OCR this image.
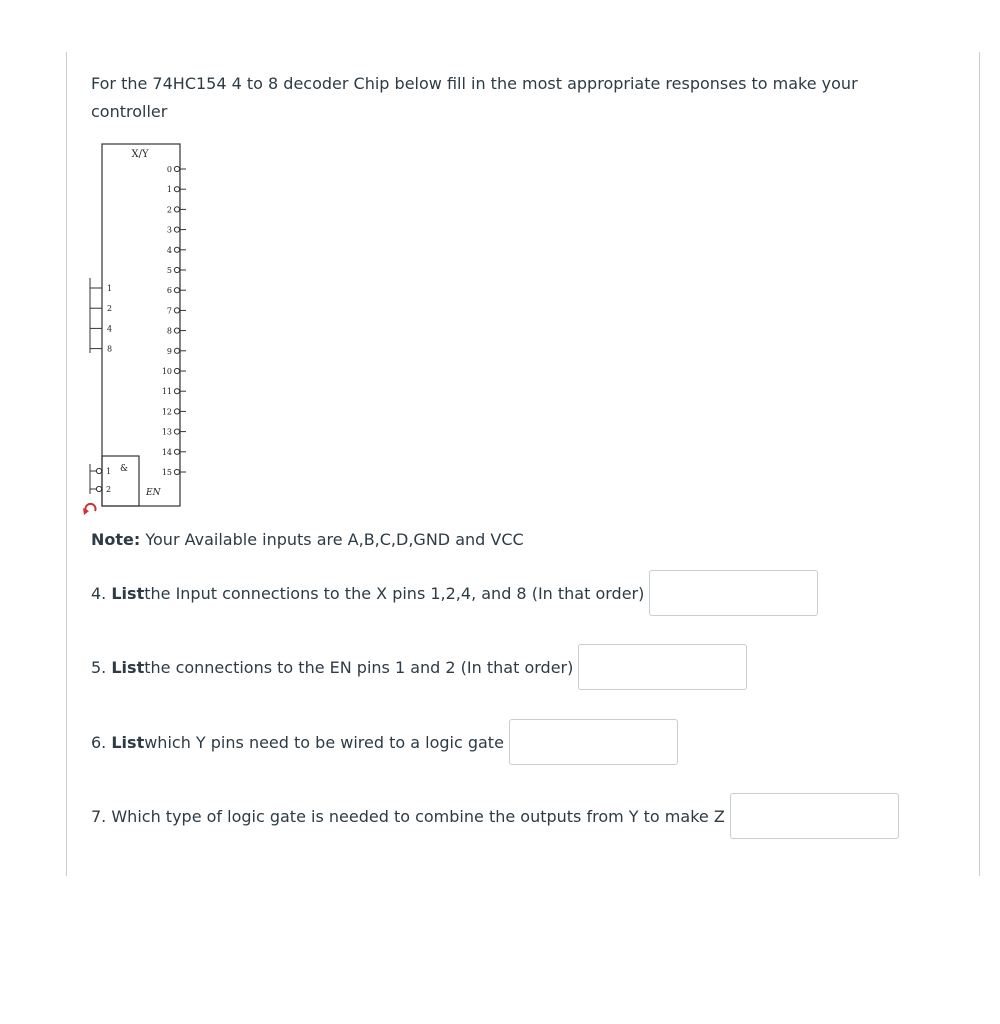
For the 74HC154 4 to 8 decoder Chip below fill in the most appropriate responses to make your controller

X/Y
0
1
2
3
4
5
6
7
8
9
10
11
12
13
14
15
1
2
4
8
&
EN
1
2

Note: Your Available inputs are A,B,C,D,GND and VCC

4.
List the Input connections to the X pins 1,2,4, and 8 (In that order)
5.
List the connections to the EN pins 1 and 2 (In that order)
6.
List which Y pins need to be wired to a logic gate
7.
Which type of logic gate is needed to combine the outputs from Y to make Z
